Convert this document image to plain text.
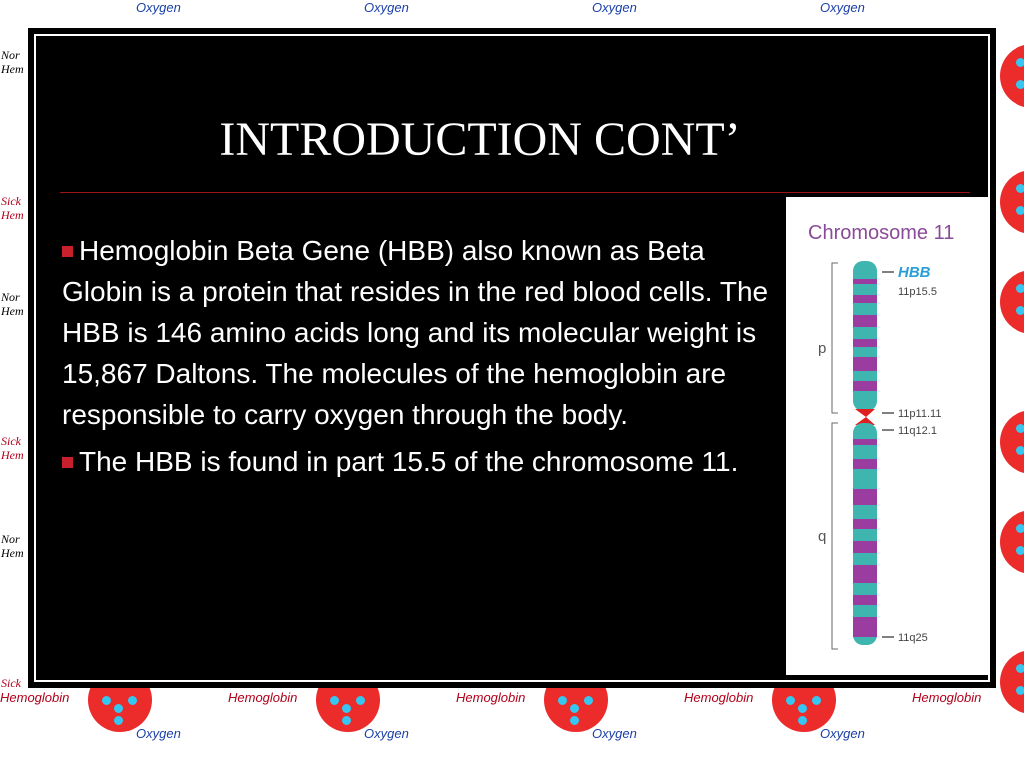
Oxygen	Oxygen	Oxygen	Oxygen
Nor
Hem
Sick
Hem
Nor
Hem
Sick
Hem
Nor
Hem
Sick
Hemoglobin	Hemoglobin	Hemoglobin	Hemoglobin	Hemoglobin
Oxygen	Oxygen	Oxygen	Oxygen
INTRODUCTION CONT’

Hemoglobin Beta Gene (HBB) also known as Beta Globin is a protein that resides in the red blood cells. The HBB is 146 amino acids long and its molecular weight is 15,867 Daltons. The molecules of the hemoglobin are responsible to carry oxygen through the body.

The HBB is found in part 15.5 of the chromosome 11.

Chromosome 11
p
q
HBB
11p15.5
11p11.11
11q12.1
11q25
